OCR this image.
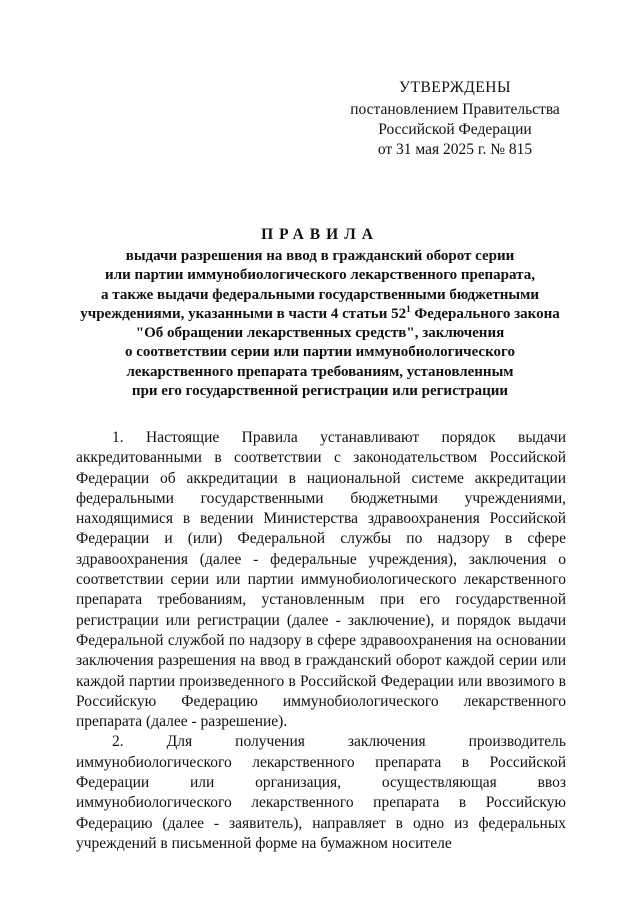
УТВЕРЖДЕНЫ
постановлением Правительства
Российской Федерации
от 31 мая 2025 г. № 815
ПРАВИЛА
выдачи разрешения на ввод в гражданский оборот серии
или партии иммунобиологического лекарственного препарата,
а также выдачи федеральными государственными бюджетными
учреждениями, указанными в части 4 статьи $52^1$ Федерального закона
"Об обращении лекарственных средств", заключения
о соответствии серии или партии иммунобиологического
лекарственного препарата требованиям, установленным
при его государственной регистрации или регистрации

1. Настоящие Правила устанавливают порядок выдачи аккредитованными в соответствии с законодательством Российской Федерации об аккредитации в национальной системе аккредитации федеральными государственными бюджетными учреждениями, находящимися в ведении Министерства здравоохранения Российской Федерации и (или) Федеральной службы по надзору в сфере здравоохранения (далее - федеральные учреждения), заключения о соответствии серии или партии иммунобиологического лекарственного препарата требованиям, установленным при его государственной регистрации или регистрации (далее - заключение), и порядок выдачи Федеральной службой по надзору в сфере здравоохранения на основании заключения разрешения на ввод в гражданский оборот каждой серии или каждой партии произведенного в Российской Федерации или ввозимого в Российскую Федерацию иммунобиологического лекарственного препарата (далее - разрешение).

2. Для получения заключения производитель иммунобиологического лекарственного препарата в Российской Федерации или организация, осуществляющая ввоз иммунобиологического лекарственного препарата в Российскую Федерацию (далее - заявитель), направляет в одно из федеральных учреждений в письменной форме на бумажном носителе
